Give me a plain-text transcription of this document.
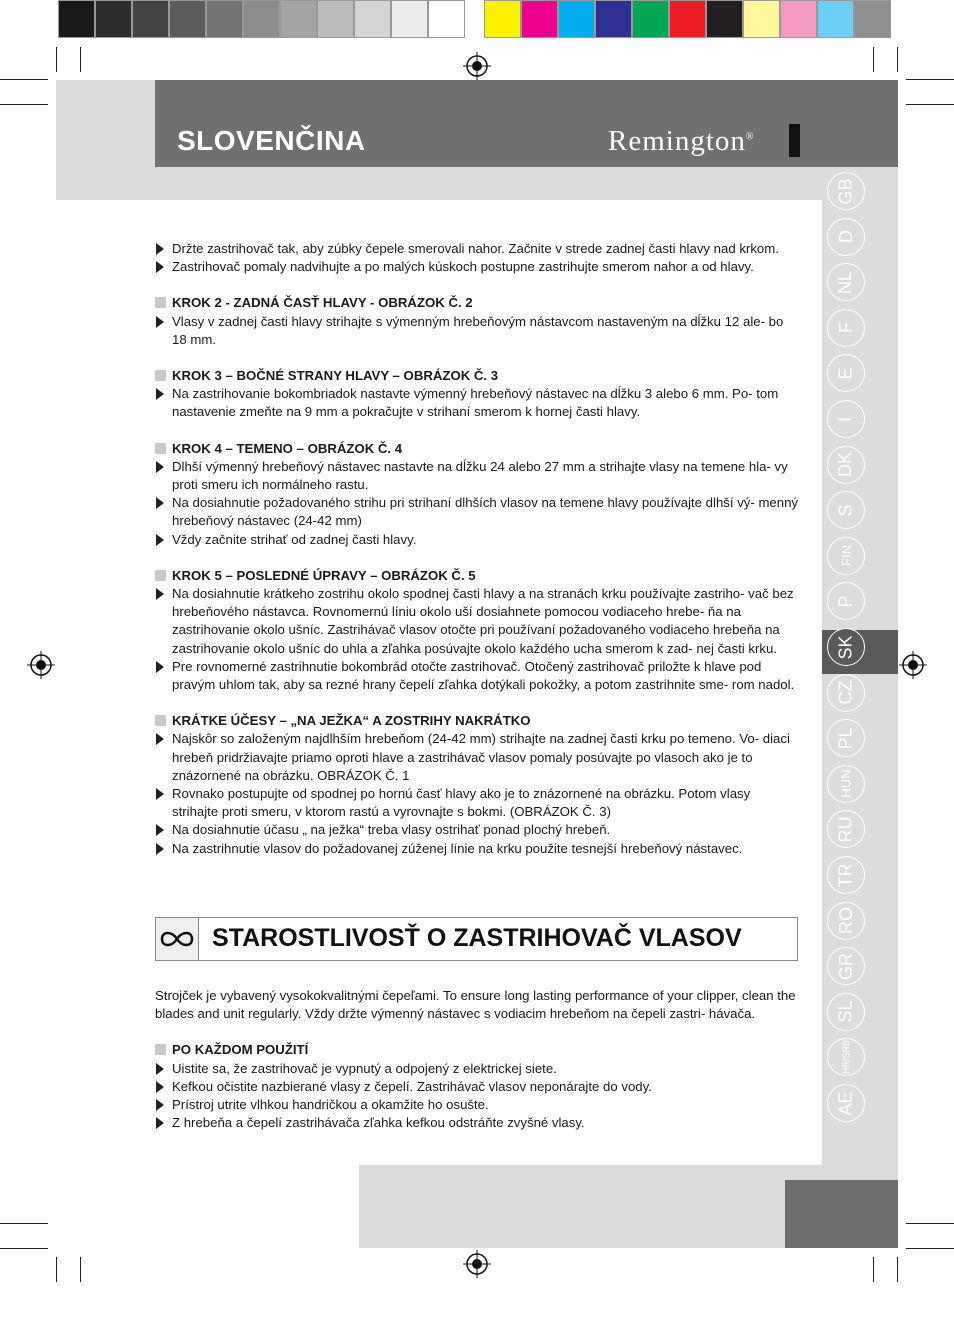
SLOVENČINA	Remington®
GB
D
NL
F
E
I
DK
S
FIN
P
SK
CZ
PL
HUN
RU
TR
RO
GR
SL
HR/SRB
AE

Držte zastrihovač tak, aby zúbky čepele smerovali nahor. Začnite v strede zadnej časti hlavy nad krkom.

Zastrihovač pomaly nadvihujte a po malých kúskoch postupne zastrihujte smerom nahor a od hlavy.

KROK 2 - ZADNÁ ČASŤ HLAVY - OBRÁZOK Č. 2

Vlasy v zadnej časti hlavy strihajte s výmenným hrebeňovým nástavcom nastaveným na dĺžku 12 ale- bo 18 mm.

KROK 3 – BOČNÉ STRANY HLAVY – OBRÁZOK Č. 3

Na zastrihovanie bokombriadok nastavte výmenný hrebeňový nástavec na dĺžku 3 alebo 6 mm. Po- tom nastavenie zmeňte na 9 mm a pokračujte v strihaní smerom k hornej časti hlavy.

KROK 4 – TEMENO – OBRÁZOK Č. 4

Dlhší výmenný hrebeňový nástavec nastavte na dĺžku 24 alebo 27 mm a strihajte vlasy na temene hla- vy proti smeru ich normálneho rastu.

Na dosiahnutie požadovaného strihu pri strihaní dlhších vlasov na temene hlavy používajte dlhší vý- menný hrebeňový nástavec (24-42 mm)

Vždy začnite strihať od zadnej časti hlavy.

KROK 5 – POSLEDNÉ ÚPRAVY – OBRÁZOK Č. 5

Na dosiahnutie krátkeho zostrihu okolo spodnej časti hlavy a na stranách krku používajte zastriho- vač bez hrebeňového nástavca. Rovnomernú líniu okolo uší dosiahnete pomocou vodiaceho hrebe- ňa na zastrihovanie okolo ušníc. Zastrihávač vlasov otočte pri používaní požadovaného vodiaceho hrebeňa na zastrihovanie okolo ušníc do uhla a zľahka posúvajte okolo každého ucha smerom k zad- nej časti krku.

Pre rovnomerné zastrihnutie bokombrád otočte zastrihovač. Otočený zastrihovač priložte k hlave pod pravým uhlom tak, aby sa rezné hrany čepelí zľahka dotýkali pokožky, a potom zastrihnite sme- rom nadol.

KRÁTKE ÚČESY – „NA JEŽKA“ A ZOSTRIHY NAKRÁTKO

Najskôr so založeným najdlhším hrebeňom (24-42 mm) strihajte na zadnej časti krku po temeno. Vo- diaci hrebeň pridržiavajte priamo oproti hlave a zastrihávač vlasov pomaly posúvajte po vlasoch ako je to znázornené na obrázku. OBRÁZOK Č. 1

Rovnako postupujte od spodnej po hornú časť hlavy ako je to znázornené na obrázku. Potom vlasy strihajte proti smeru, v ktorom rastú a vyrovnajte s bokmi. (OBRÁZOK Č. 3)

Na dosiahnutie účasu „ na ježka“ treba vlasy ostrihať ponad plochý hrebeň.

Na zastrihnutie vlasov do požadovanej zúženej línie na krku použite tesnejší hrebeňový nástavec.

STAROSTLIVOSŤ O ZASTRIHOVAČ VLASOV

Strojček je vybavený vysokokvalitnými čepeľami. To ensure long lasting performance of your clipper, clean the blades and unit regularly. Vždy držte výmenný nástavec s vodiacim hrebeňom na čepeli zastri- hávača.

PO KAŽDOM POUŽITÍ

Uistite sa, že zastrihovač je vypnutý a odpojený z elektrickej siete.

Kefkou očistite nazbierané vlasy z čepelí. Zastrihávač vlasov neponárajte do vody.

Prístroj utrite vlhkou handričkou a okamžite ho osušte.

Z hrebeňa a čepelí zastrihávača zľahka kefkou odstráňte zvyšné vlasy.
